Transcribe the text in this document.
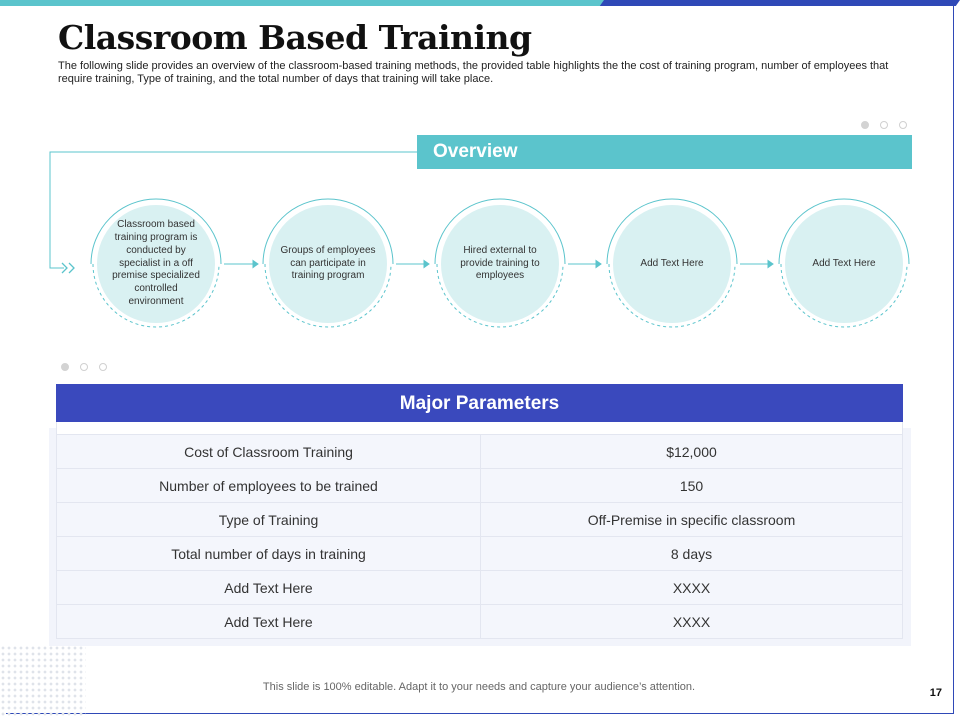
Classroom Based Training
The following slide provides an overview of the classroom-based training methods, the provided table highlights the the cost of training program, number of employees that require training, Type of training, and the total number of days that training will take place.
Overview
Classroom based training program is conducted by specialist in a off premise specialized controlled environment
Groups of employees can participate in training program
Hired external to provide training to employees
Add Text Here	Add Text Here
Major Parameters
Cost of Classroom Training	$12,000
Number of employees to be trained	150
Type of Training	Off-Premise in specific classroom
Total number of days in training	8 days
Add Text Here	XXXX
Add Text Here	XXXX
This slide is 100% editable. Adapt it to your needs and capture your audience’s attention.	17
